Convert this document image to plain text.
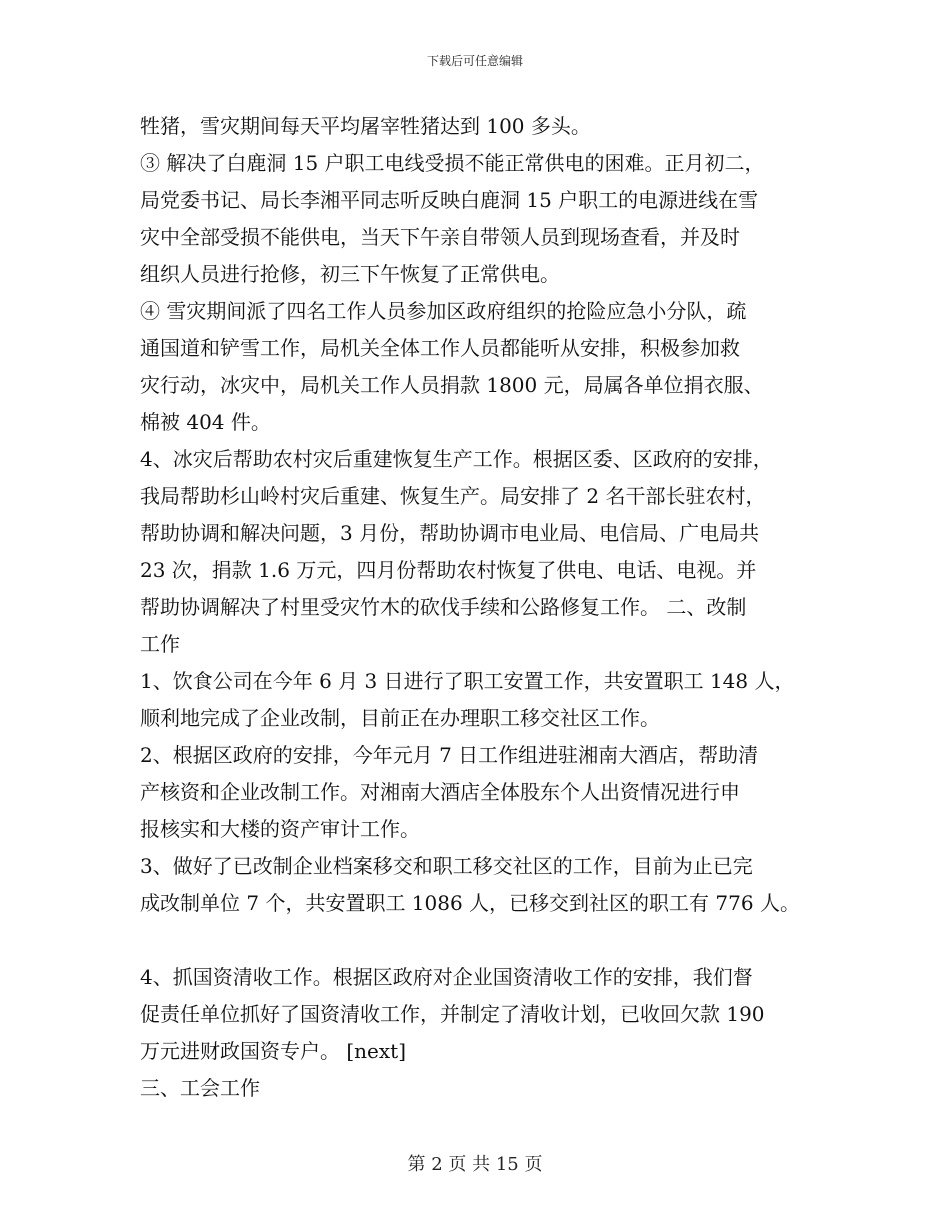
下载后可任意编辑
牲猪，雪灾期间每天平均屠宰牲猪达到 100 多头。
③ 解决了白鹿洞 15 户职工电线受损不能正常供电的困难。正月初二，
局党委书记、局长李湘平同志听反映白鹿洞 15 户职工的电源进线在雪
灾中全部受损不能供电，当天下午亲自带领人员到现场查看，并及时
组织人员进行抢修，初三下午恢复了正常供电。
④ 雪灾期间派了四名工作人员参加区政府组织的抢险应急小分队，疏
通国道和铲雪工作，局机关全体工作人员都能听从安排，积极参加救
灾行动，冰灾中，局机关工作人员捐款 1800 元，局属各单位捐衣服、
棉被 404 件。
4、冰灾后帮助农村灾后重建恢复生产工作。根据区委、区政府的安排，
我局帮助杉山岭村灾后重建、恢复生产。局安排了 2 名干部长驻农村，
帮助协调和解决问题，3 月份，帮助协调市电业局、电信局、广电局共
23 次，捐款 1.6 万元，四月份帮助农村恢复了供电、电话、电视。并
帮助协调解决了村里受灾竹木的砍伐手续和公路修复工作。 二、改制
工作
1、饮食公司在今年 6 月 3 日进行了职工安置工作，共安置职工 148 人，
顺利地完成了企业改制，目前正在办理职工移交社区工作。
2、根据区政府的安排，今年元月 7 日工作组进驻湘南大酒店，帮助清
产核资和企业改制工作。对湘南大酒店全体股东个人出资情况进行申
报核实和大楼的资产审计工作。
3、做好了已改制企业档案移交和职工移交社区的工作，目前为止已完
成改制单位 7 个，共安置职工 1086 人，已移交到社区的职工有 776 人。
4、抓国资清收工作。根据区政府对企业国资清收工作的安排，我们督
促责任单位抓好了国资清收工作，并制定了清收计划，已收回欠款 190
万元进财政国资专户。 [next]
三、工会工作
第 2 页 共 15 页
